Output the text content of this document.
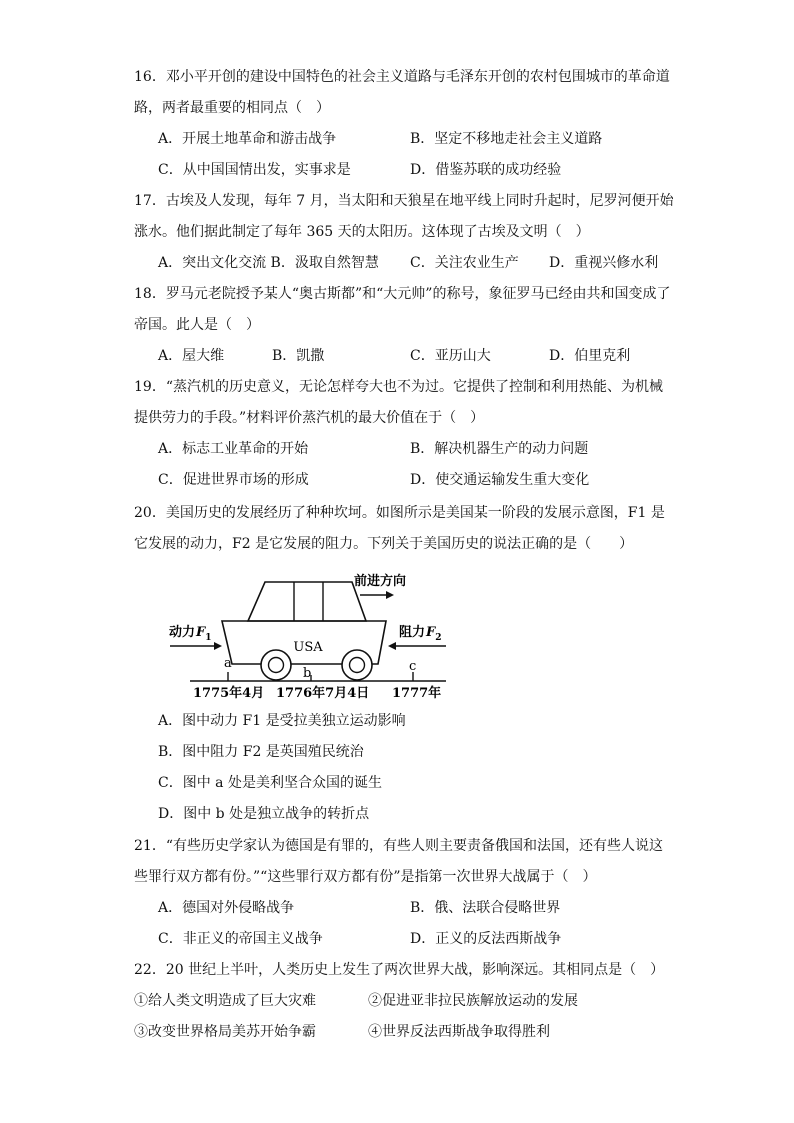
16．邓小平开创的建设中国特色的社会主义道路与毛泽东开创的农村包围城市的革命道
路，两者最重要的相同点（　）
A．开展土地革命和游击战争	B．坚定不移地走社会主义道路
C．从中国国情出发，实事求是	D．借鉴苏联的成功经验
17．古埃及人发现，每年 7 月，当太阳和天狼星在地平线上同时升起时，尼罗河便开始
涨水。他们据此制定了每年 365 天的太阳历。这体现了古埃及文明（　）
A．突出文化交流 B．汲取自然智慧 C．关注农业生产 D．重视兴修水利
18．罗马元老院授予某人“奥古斯都”和“大元帅”的称号，象征罗马已经由共和国变成了
帝国。此人是（　）
A．屋大维	B．凯撒	C．亚历山大	D．伯里克利
19．“蒸汽机的历史意义，无论怎样夸大也不为过。它提供了控制和利用热能、为机械
提供劳力的手段。”材料评价蒸汽机的最大价值在于（　）
A．标志工业革命的开始	B．解决机器生产的动力问题
C．促进世界市场的形成	D．使交通运输发生重大变化
20．美国历史的发展经历了种种坎坷。如图所示是美国某一阶段的发展示意图，F1 是
它发展的动力，F2 是它发展的阻力。下列关于美国历史的说法正确的是（　　）
USA
前进方向
动力$F_1$	阻力$F_2$
a
b	c
1775年4月 1776年7月4日 1777年
A．图中动力 F1 是受拉美独立运动影响
B．图中阻力 F2 是英国殖民统治
C．图中 a 处是美利坚合众国的诞生
D．图中 b 处是独立战争的转折点
21．“有些历史学家认为德国是有罪的，有些人则主要责备俄国和法国，还有些人说这
些罪行双方都有份。”“这些罪行双方都有份”是指第一次世界大战属于（　）
A．德国对外侵略战争	B．俄、法联合侵略世界
C．非正义的帝国主义战争	D．正义的反法西斯战争
22．20 世纪上半叶，人类历史上发生了两次世界大战，影响深远。其相同点是（　）
①给人类文明造成了巨大灾难	②促进亚非拉民族解放运动的发展
③改变世界格局美苏开始争霸	④世界反法西斯战争取得胜利
